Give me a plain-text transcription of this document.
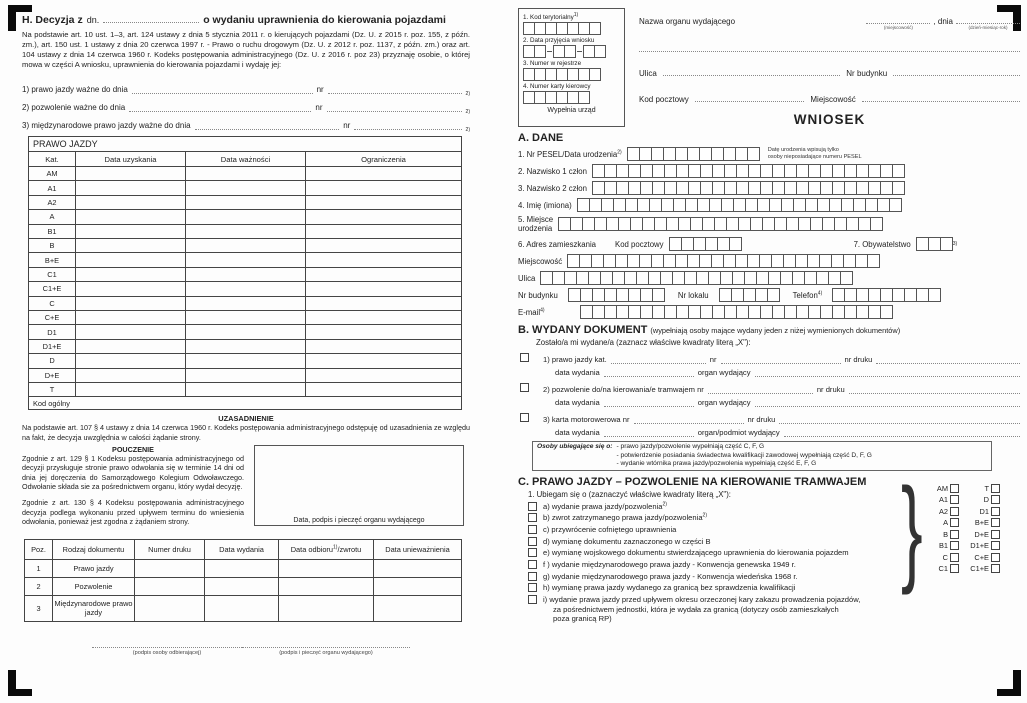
H. Decyzja z dn.	o wydaniu uprawnienia do kierowania pojazdami

Na podstawie art. 10 ust. 1–3, art. 124 ustawy z dnia 5 stycznia 2011 r. o kierujących pojazdami (Dz. U. z 2015 r. poz. 155, z późn. zm.), art. 150 ust. 1 ustawy z dnia 20 czerwca 1997 r. - Prawo o ruchu drogowym (Dz. U. z 2012 r. poz. 1137, z późn. zm.) oraz art. 104 ustawy z dnia 14 czerwca 1960 r. Kodeks postępowania administracyjnego (Dz. U. z 2016 r. poz 23) przyznaję osobie, o której mowa w części A wniosku, uprawnienia do kierowania pojazdami i wydaję jej:

1) prawo jazdy ważne do dnia	nr	2)
2) pozwolenie ważne do dnia	nr	2)
3) międzynarodowe prawo jazdy ważne do dnia	nr	2)
PRAWO JAZDY			
Kat.	Data uzyskania	Data ważności	Ograniczenia
AM			
A1			
A2			
A			
B1			
B			
B+E			
C1			
C1+E			
C			
C+E			
D1			
D1+E			
D			
D+E			
T			
Kod ogólny			
UZASADNIENIE

Na podstawie art. 107 § 4 ustawy z dnia 14 czerwca 1960 r. Kodeks postępowania administracyjnego odstępuję od uzasadnienia ze względu na fakt, że decyzja uwzględnia w całości żądanie strony.

POUCZENIE

Zgodnie z art. 129 § 1 Kodeksu postępowania administracyjnego od decyzji przysługuje stronie prawo odwołania się w terminie 14 dni od dnia jej doręczenia do Samorządowego Kolegium Odwoławczego. Odwołanie składa sie za pośrednictwem organu, który wydał decyzję.

Zgodnie z art. 130 § 4 Kodeksu postępowania administracyjnego decyzja podlega wykonaniu przed upływem terminu do wniesienia odwołania, ponieważ jest zgodna z żądaniem strony.	Data, podpis i pieczęć organu wydającego
Poz.	Rodzaj dokumentu	Numer druku	Data wydania	Data odbioru$^{1)}$/zwrotu	Data unieważnienia
1	Prawo jazdy				
2	Pozwolenie				
3	Międzynarodowe prawo jazdy				
(podpis osoby odbierającej)	(podpis i pieczęć organu wydającego)
1. Kod terytorialny$^{1)}$
2. Data przyjęcia wniosku
3. Numer w rejestrze
4. Numer karty kierowcy
Wypełnia urząd
Nazwa organu wydającego
(miejscowość)
, dnia
(dzień-miesiąc-rok)
Ulica	Nr budynku
Kod pocztowy	Miejscowość
WNIOSEK
A. DANE
1. Nr PESEL/Data urodzenia$^{2)}$	Datę urodzenia wpisują tylko
osoby nieposiadające numeru PESEL
2. Nazwisko 1 człon
3. Nazwisko 2 człon
4. Imię (imiona)
5. Miejsce
urodzenia
6. Adres zamieszkania	Kod pocztowy	7. Obywatelstwo	3)
Miejscowość
Ulica
Nr budynku	Nr lokalu	Telefon$^{4)}$
E-mail$^{4)}$
B. WYDANY DOKUMENT (wypełniają osoby mające wydany jeden z niżej wymienionych dokumentów)
Zostało/a mi wydane/a (zaznacz właściwe kwadraty literą „X"):
1) prawo jazdy kat.	nr	nr druku
data wydania	organ wydający
2) pozwolenie do/na kierowania/e tramwajem nr	nr druku
data wydania	organ wydający
3) karta motorowerowa nr	nr druku
data wydania	organ/podmiot wydający
Osoby ubiegające się o: - prawo jazdy/pozwolenie wypełniają część C, F, G
- potwierdzenie posiadania świadectwa kwalifikacji zawodowej wypełniają część D, F, G
- wydanie wtórnika prawa jazdy/pozwolenia wypełniają część E, F, G
C. PRAWO JAZDY – POZWOLENIE NA KIEROWANIE TRAMWAJEM
1. Ubiegam się o (zaznaczyć właściwe kwadraty literą „X"):
a) wydanie prawa jazdy/pozwolenia$^{2)}$
b) zwrot zatrzymanego prawa jazdy/pozwolenia$^{2)}$
c) przywrócenie cofniętego uprawnienia
d) wymianę dokumentu zaznaczonego w części B
e) wymianę wojskowego dokumentu stwierdzającego uprawnienia do kierowania pojazdem
f ) wydanie międzynarodowego prawa jazdy - Konwencja genewska 1949 r.
g) wydanie międzynarodowego prawa jazdy - Konwencja wiedeńska 1968 r.
h) wymianę prawa jazdy wydanego za granicą bez sprawdzenia kwalifikacji
i) wydanie prawa jazdy przed upływem okresu orzeczonej kary zakazu prowadzenia pojazdów,
za pośrednictwem jednostki, która je wydała za granicą (dotyczy osób zamieszkałych
poza granicą RP)
}	AM	T
A1	D
A2	D1
A	B+E
B	D+E
B1	D1+E
C	C+E
C1	C1+E
